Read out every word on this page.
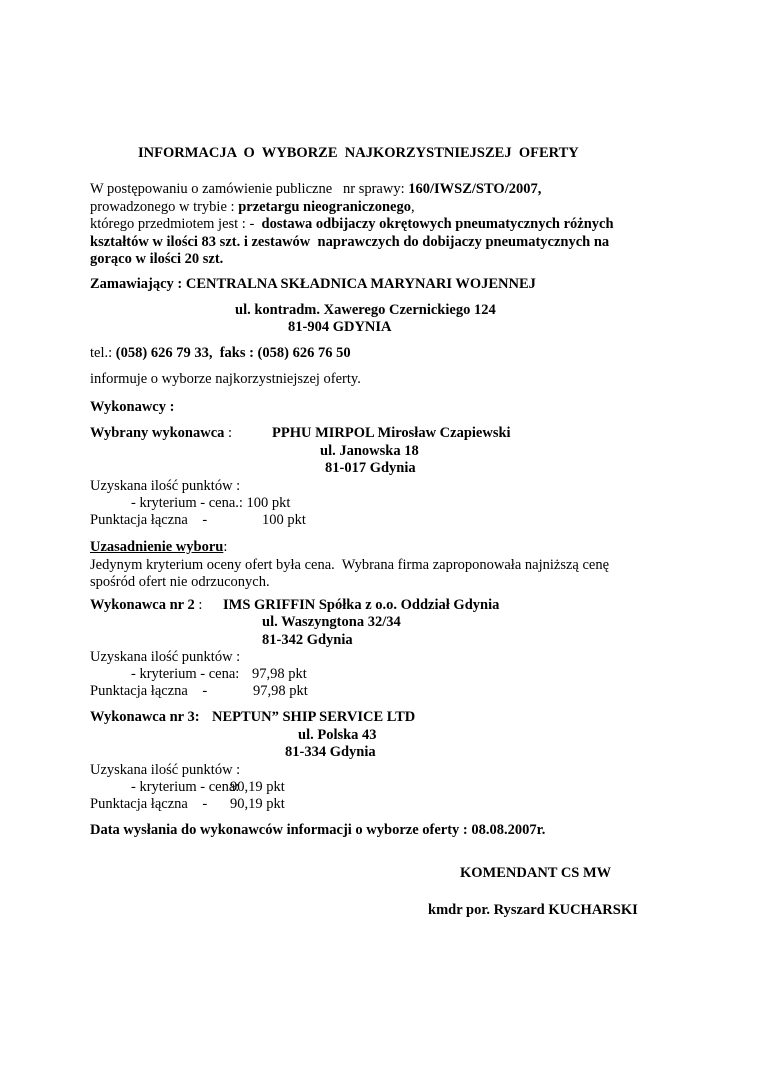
INFORMACJA  O  WYBORZE  NAJKORZYSTNIEJSZEJ  OFERTY
W postępowaniu o zamówienie publiczne   nr sprawy: 160/IWSZ/STO/2007,
prowadzonego w trybie : przetargu nieograniczonego,
którego przedmiotem jest : -  dostawa odbijaczy okrętowych pneumatycznych różnych
kształtów w ilości 83 szt. i zestawów  naprawczych do dobijaczy pneumatycznych na
gorąco w ilości 20 szt.
Zamawiający : CENTRALNA SKŁADNICA MARYNARI WOJENNEJ
ul. kontradm. Xawerego Czernickiego 124
81-904 GDYNIA
tel.: (058) 626 79 33,  faks : (058) 626 76 50
informuje o wyborze najkorzystniejszej oferty.
Wykonawcy :
Wybrany wykonawca :	PPHU MIRPOL Mirosław Czapiewski
ul. Janowska 18
81-017 Gdynia
Uzyskana ilość punktów :
- kryterium - cena.: 100 pkt
Punktacja łączna    -	100 pkt
Uzasadnienie wyboru:
Jedynym kryterium oceny ofert była cena.  Wybrana firma zaproponowała najniższą cenę
spośród ofert nie odrzuconych.
Wykonawca nr 2 : IMS GRIFFIN Spółka z o.o. Oddział Gdynia
ul. Waszyngtona 32/34
81-342 Gdynia
Uzyskana ilość punktów :
- kryterium - cena: 97,98 pkt
Punktacja łączna    -	97,98 pkt
Wykonawca nr 3: NEPTUN” SHIP SERVICE LTD
ul. Polska 43
81-334 Gdynia
Uzyskana ilość punktów :
- kryterium - cena:
90,19 pkt
Punktacja łączna    - 90,19 pkt
Data wysłania do wykonawców informacji o wyborze oferty : 08.08.2007r.
KOMENDANT CS MW
kmdr por. Ryszard KUCHARSKI
